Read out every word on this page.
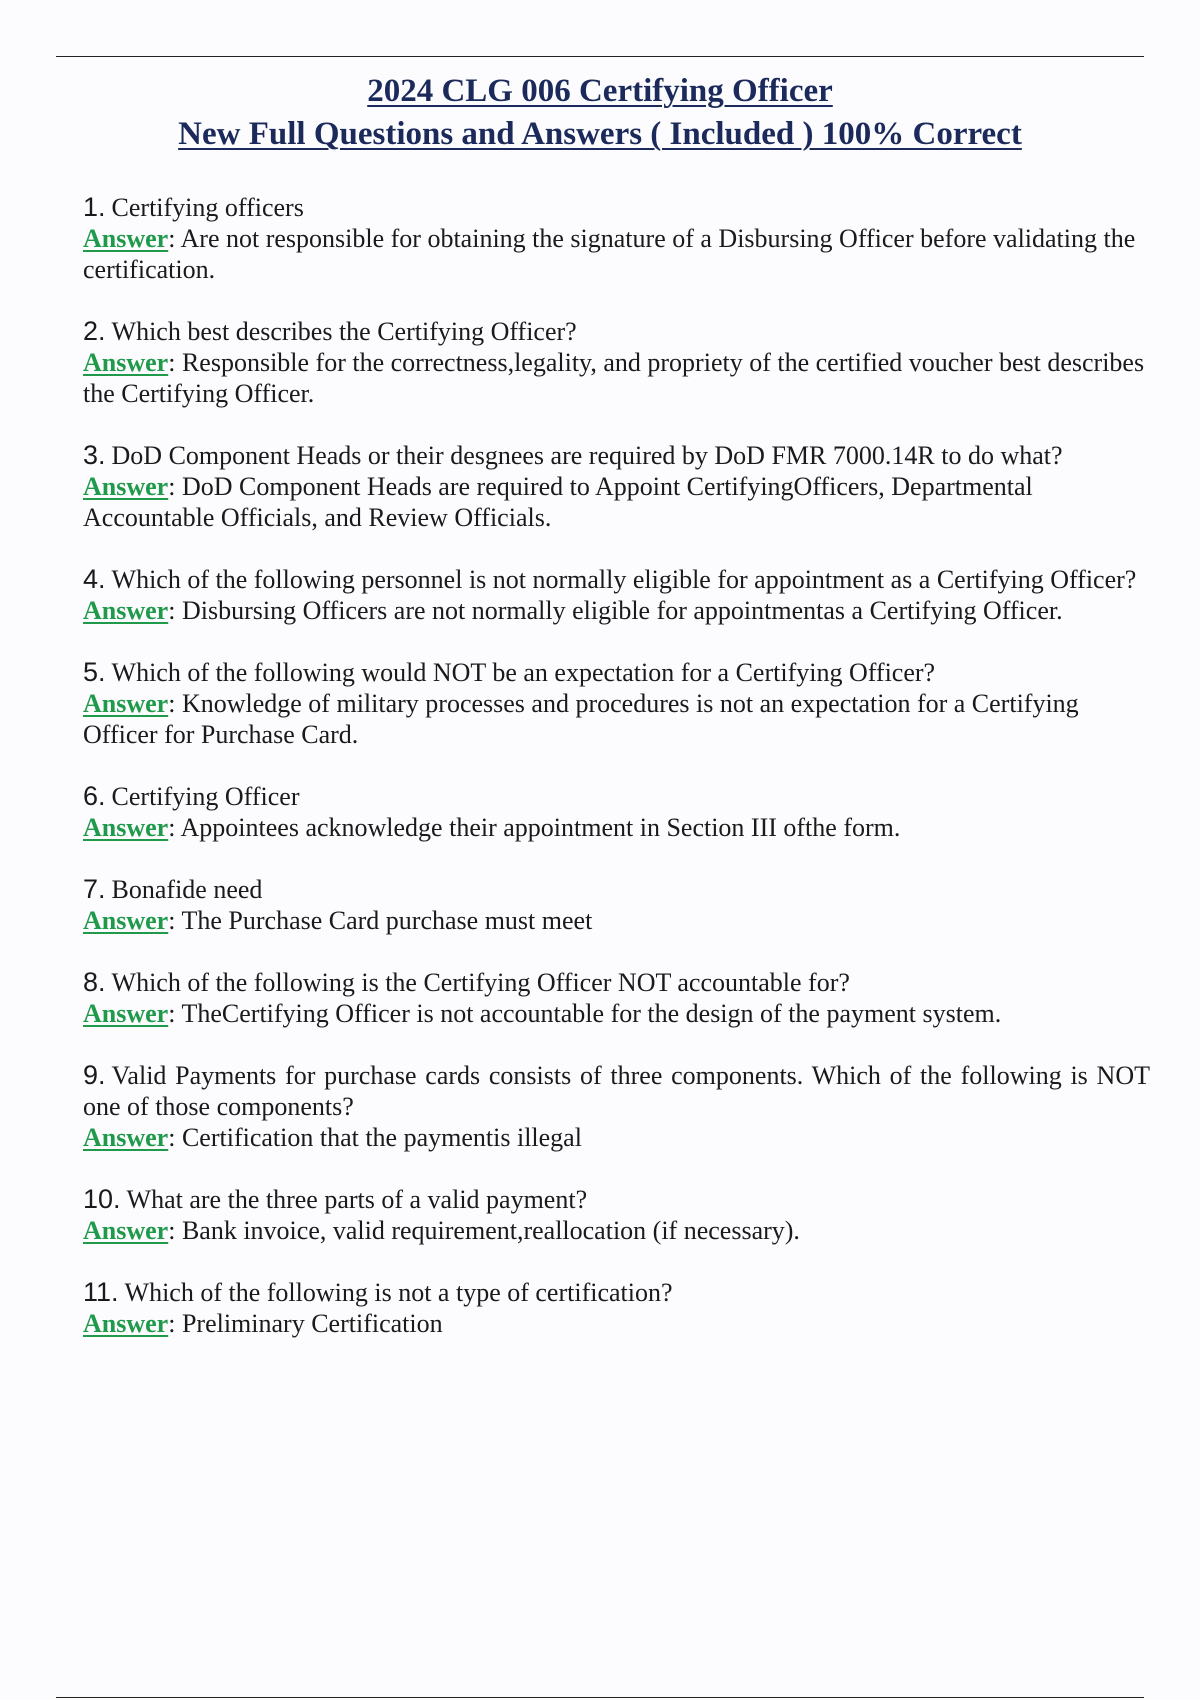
2024 CLG 006 Certifying Officer
New Full Questions and Answers ( Included ) 100% Correct
1. Certifying officers
Answer: Are not responsible for obtaining the signature of a Disbursing Officer before validating the certification.
2. Which best describes the Certifying Officer?
Answer: Responsible for the correctness,legality, and propriety of the certified voucher best describes the Certifying Officer.
3. DoD Component Heads or their desgnees are required by DoD FMR 7000.14R to do what?
Answer: DoD Component Heads are required to Appoint CertifyingOfficers, Departmental Accountable Officials, and Review Officials.
4. Which of the following personnel is not normally eligible for appointment as a Certifying Officer?
Answer: Disbursing Officers are not normally eligible for appointmentas a Certifying Officer.
5. Which of the following would NOT be an expectation for a Certifying Officer?
Answer: Knowledge of military processes and procedures is not an expectation for a Certifying Officer for Purchase Card.
6. Certifying Officer
Answer: Appointees acknowledge their appointment in Section III ofthe form.
7. Bonafide need
Answer: The Purchase Card purchase must meet
8. Which of the following is the Certifying Officer NOT accountable for?
Answer: TheCertifying Officer is not accountable for the design of the payment system.
9. Valid Payments for purchase cards consists of three components. Which of the following is NOT one of those components?
Answer: Certification that the paymentis illegal
10. What are the three parts of a valid payment?
Answer: Bank invoice, valid requirement,reallocation (if necessary).
11. Which of the following is not a type of certification?
Answer: Preliminary Certification
